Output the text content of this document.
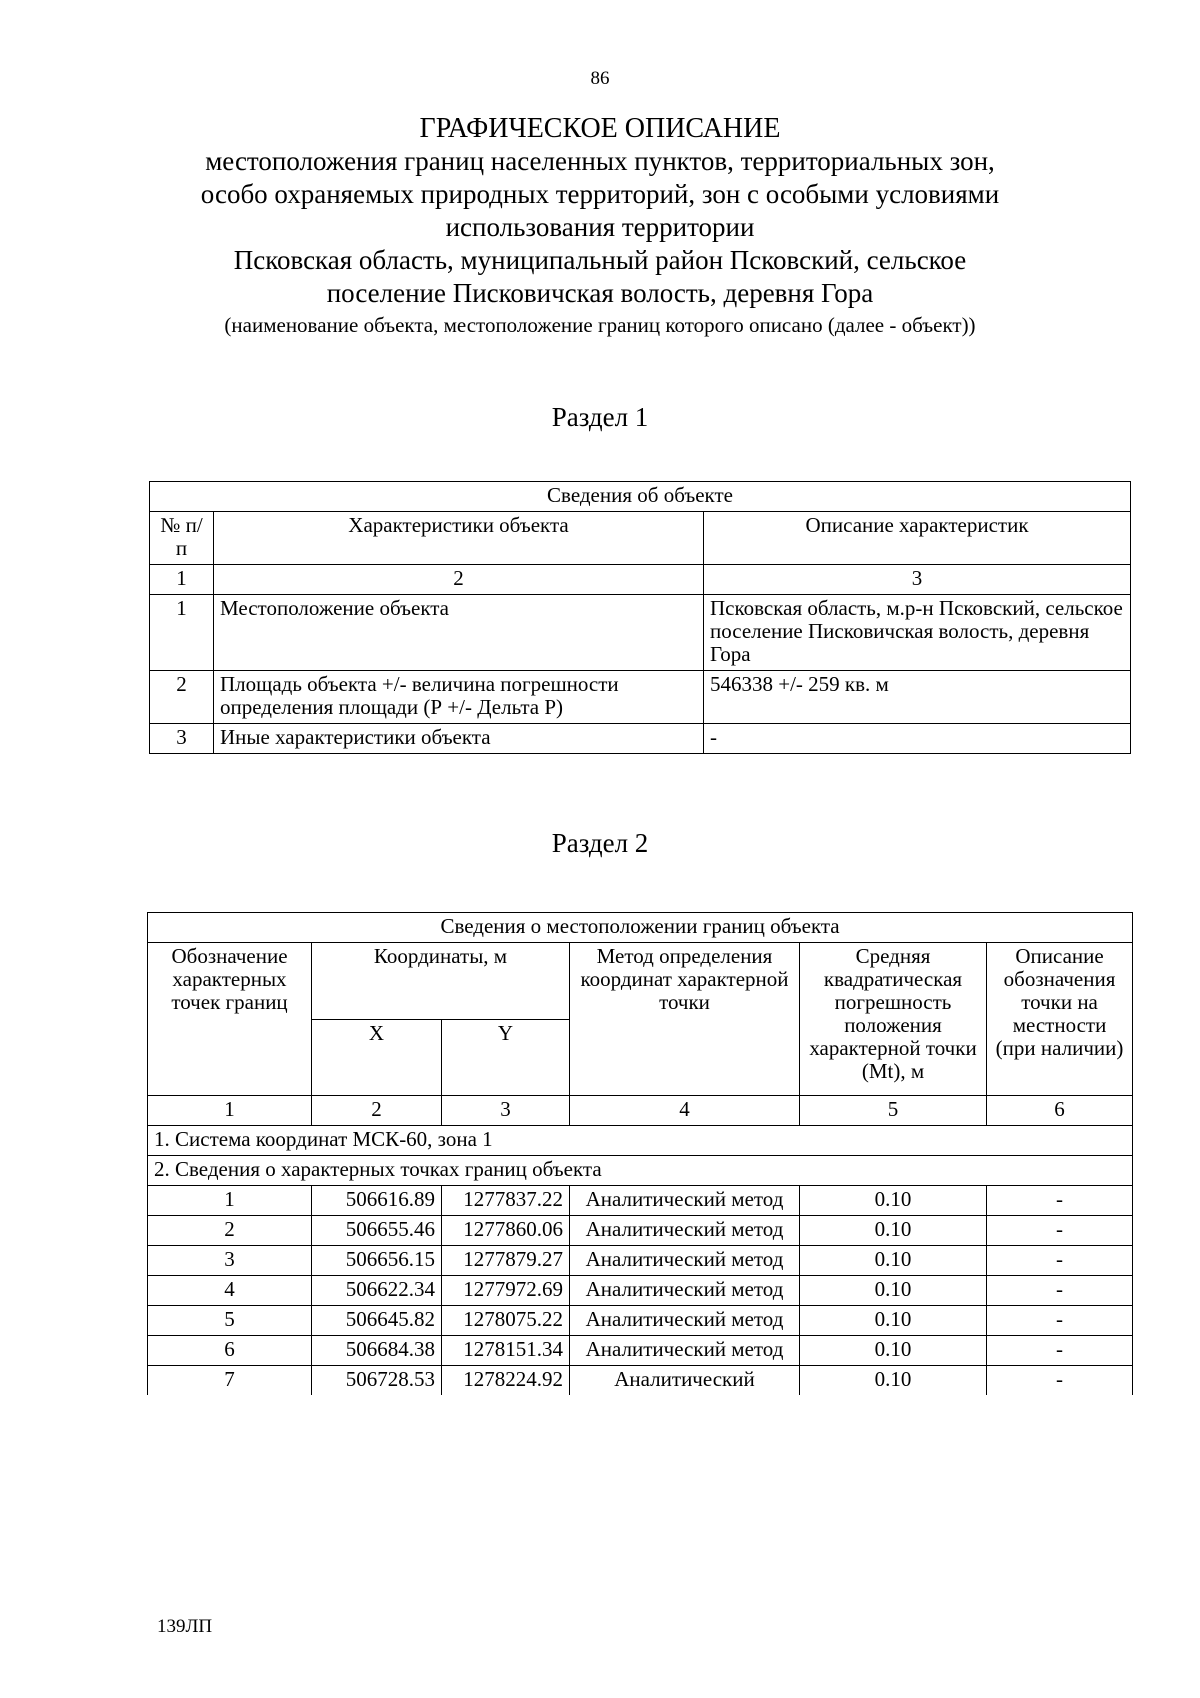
86
ГРАФИЧЕСКОЕ ОПИСАНИЕ
местоположения границ населенных пунктов, территориальных зон,
особо охраняемых природных территорий, зон с особыми условиями
использования территории
Псковская область, муниципальный район Псковский, сельское
поселение Писковичская волость, деревня Гора
(наименование объекта, местоположение границ которого описано (далее - объект))
Раздел 1
Сведения об объекте		
№ п/п	Характеристики объекта	Описание характеристик
1	2	3
1	Местоположение объекта	Псковская область, м.р-н Псковский, сельское поселение Писковичская волость, деревня Гора
2	Площадь объекта +/- величина погрешности определения площади (Р +/- Дельта Р)	546338 +/- 259 кв. м
3	Иные характеристики объекта	-
Раздел 2
Сведения о местоположении границ объекта					
Обозначение характерных точек границ	Координаты, м		Метод определения координат характерной точки	Средняя квадратическая погрешность положения характерной точки (Mt), м	Описание обозначения точки на местности (при наличии)
	X	Y			
1	2	3	4	5	6
1. Система координат МСК-60, зона 1					
2. Сведения о характерных точках границ объекта					
1	506616.89	1277837.22	Аналитический метод	0.10	-
2	506655.46	1277860.06	Аналитический метод	0.10	-
3	506656.15	1277879.27	Аналитический метод	0.10	-
4	506622.34	1277972.69	Аналитический метод	0.10	-
5	506645.82	1278075.22	Аналитический метод	0.10	-
6	506684.38	1278151.34	Аналитический метод	0.10	-
7	506728.53	1278224.92	Аналитический	0.10	-
139ЛП
